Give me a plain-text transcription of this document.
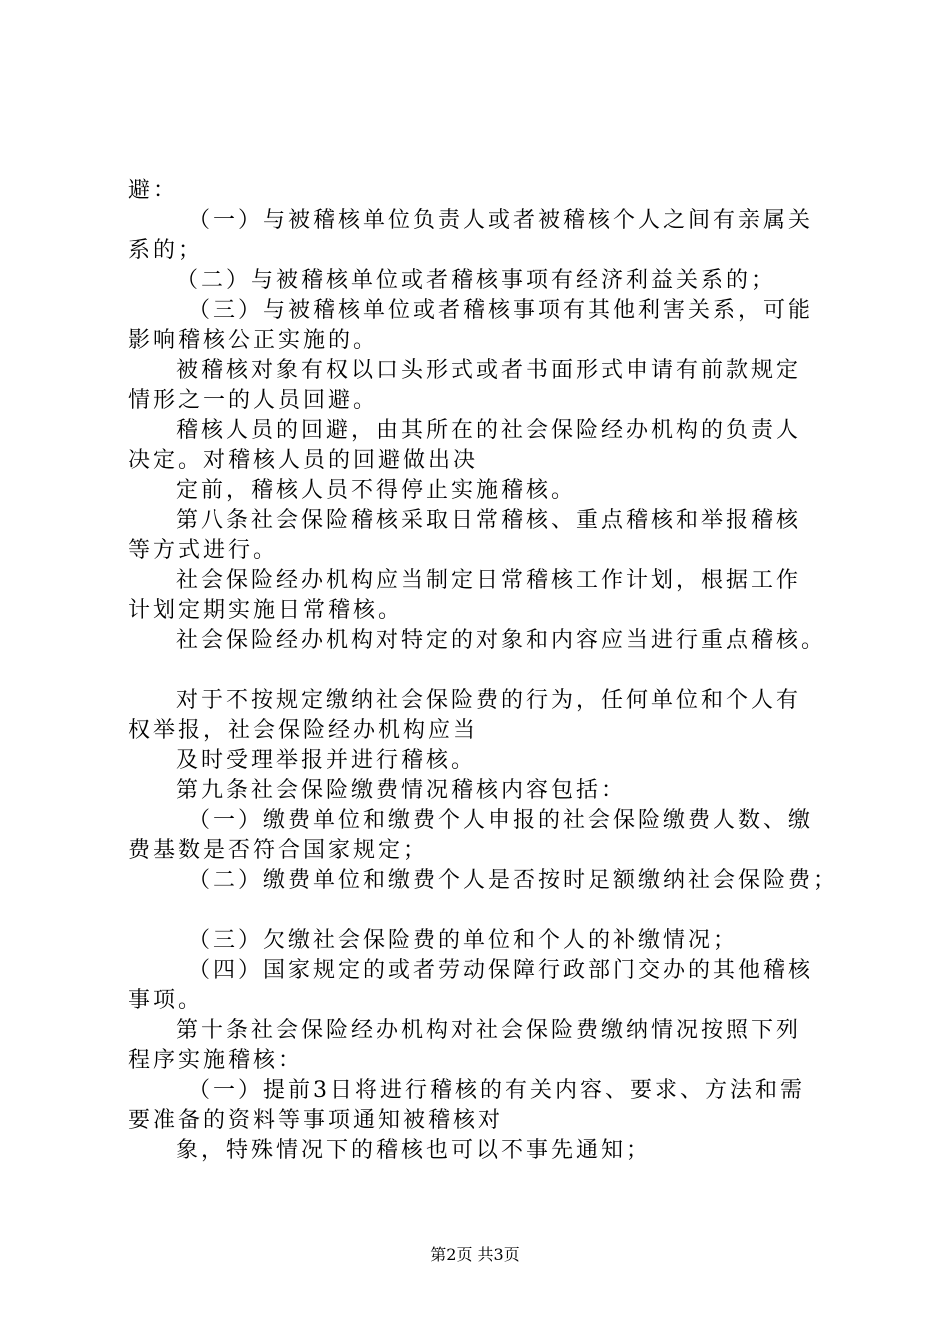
避：
（一）与被稽核单位负责人或者被稽核个人之间有亲属关
系的；
（二）与被稽核单位或者稽核事项有经济利益关系的；
（三）与被稽核单位或者稽核事项有其他利害关系，可能
影响稽核公正实施的。
被稽核对象有权以口头形式或者书面形式申请有前款规定
情形之一的人员回避。
稽核人员的回避，由其所在的社会保险经办机构的负责人
决定。对稽核人员的回避做出决
定前，稽核人员不得停止实施稽核。
第八条社会保险稽核采取日常稽核、重点稽核和举报稽核
等方式进行。
社会保险经办机构应当制定日常稽核工作计划，根据工作
计划定期实施日常稽核。
社会保险经办机构对特定的对象和内容应当进行重点稽核。
对于不按规定缴纳社会保险费的行为，任何单位和个人有
权举报，社会保险经办机构应当
及时受理举报并进行稽核。
第九条社会保险缴费情况稽核内容包括：
（一）缴费单位和缴费个人申报的社会保险缴费人数、缴
费基数是否符合国家规定；
（二）缴费单位和缴费个人是否按时足额缴纳社会保险费；
（三）欠缴社会保险费的单位和个人的补缴情况；
（四）国家规定的或者劳动保障行政部门交办的其他稽核
事项。
第十条社会保险经办机构对社会保险费缴纳情况按照下列
程序实施稽核：
（一）提前3日将进行稽核的有关内容、要求、方法和需
要准备的资料等事项通知被稽核对
象，特殊情况下的稽核也可以不事先通知；
第2页 共3页
